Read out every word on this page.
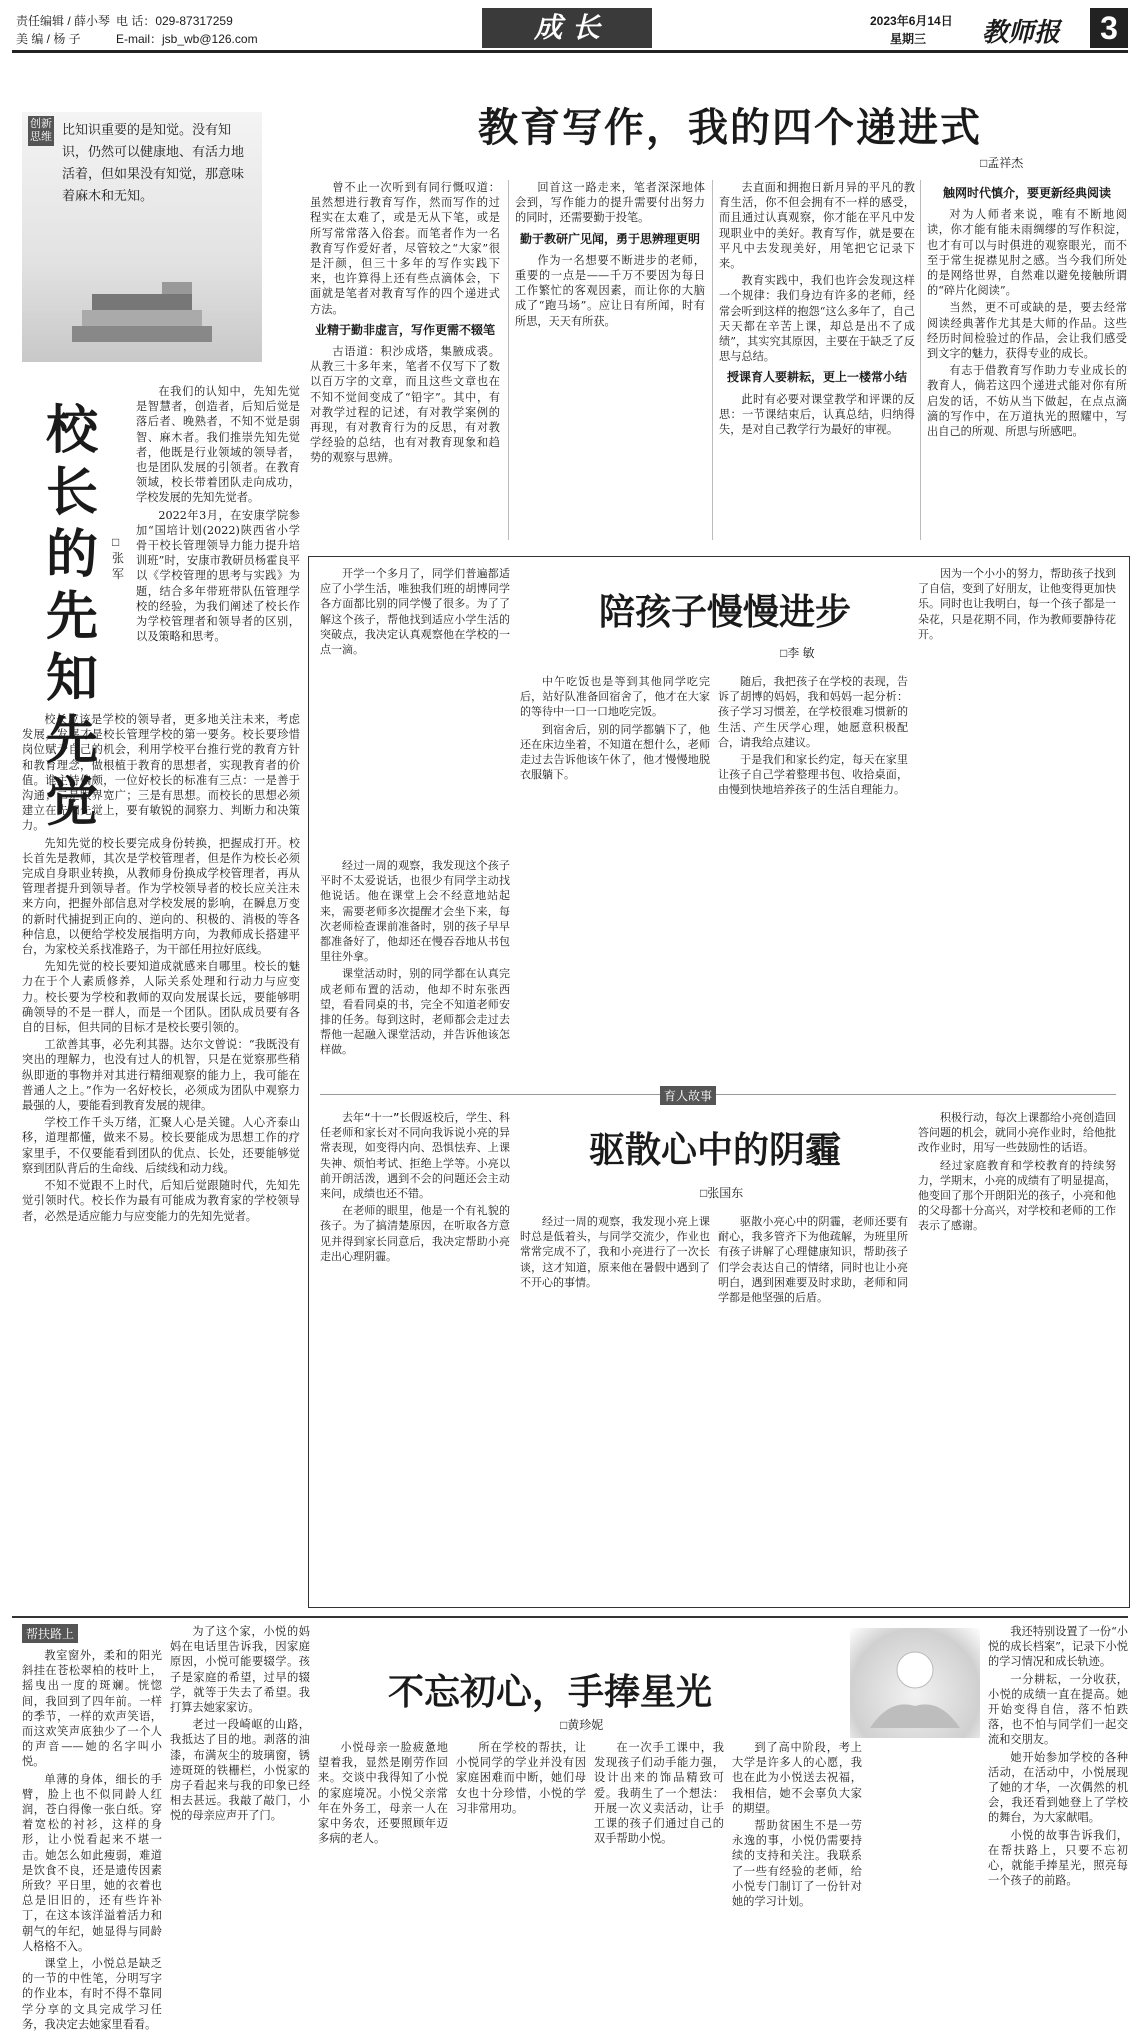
责任编辑 / 薛小琴 电 话：029-87317259
美 编 / 杨 子	E-mail：jsb_wb@126.com	成 长	2023年6月14日
星期三 教师报	3
创新思维 比知识重要的是知觉。没有知识，仍然可以健康地、有活力地活着，但如果没有知觉，那意味着麻木和无知。
教育写作，我的四个递进式
□孟祥杰

曾不止一次听到有同行慨叹道：虽然想进行教育写作，然而写作的过程实在太难了，或是无从下笔，或是所写常常落入俗套。而笔者作为一名教育写作爱好者，尽管较之“大家”很是汗颜，但三十多年的写作实践下来，也许算得上还有些点滴体会，下面就是笔者对教育写作的四个递进式方法。

业精于勤非虚言，写作更需不辍笔

古语道：积沙成塔，集腋成裘。从教三十多年来，笔者不仅写下了数以百万字的文章，而且这些文章也在不知不觉间变成了“铅字”。其中，有对教学过程的记述，有对教学案例的再现，有对教育行为的反思，有对教学经验的总结，也有对教育现象和趋势的观察与思辨。

回首这一路走来，笔者深深地体会到，写作能力的提升需要付出努力的同时，还需要勤于投笔。

勤于教研广见闻，勇于思辨理更明

作为一名想要不断进步的老师，重要的一点是——千万不要因为每日工作繁忙的客观因素，而让你的大脑成了“跑马场”。应让日有所闻，时有所思，天天有所获。

去直面和拥抱日新月异的平凡的教育生活，你不但会拥有不一样的感受，而且通过认真观察，你才能在平凡中发现职业中的美好。教育写作，就是要在平凡中去发现美好，用笔把它记录下来。

教育实践中，我们也许会发现这样一个规律：我们身边有许多的老师，经常会听到这样的抱怨“这么多年了，自己天天都在辛苦上课，却总是出不了成绩”，其实究其原因，主要在于缺乏了反思与总结。

授课育人要耕耘，更上一楼常小结

此时有必要对课堂教学和评课的反思：一节课结束后，认真总结，归纳得失，是对自己教学行为最好的审视。

触网时代慎介，要更新经典阅读

对为人师者来说，唯有不断地阅读，你才能有能未雨绸缪的写作积淀，也才有可以与时俱进的观察眼光，而不至于常生捉襟见肘之感。当今我们所处的是网络世界，自然难以避免接触所谓的“碎片化阅读”。

当然，更不可或缺的是，要去经常阅读经典著作尤其是大师的作品。这些经历时间检验过的作品，会让我们感受到文字的魅力，获得专业的成长。

有志于借教育写作助力专业成长的教育人，倘若这四个递进式能对你有所启发的话，不妨从当下做起，在点点滴滴的写作中，在万道执光的照耀中，写出自己的所观、所思与所感吧。

校长的先知先觉
□张 军

在我们的认知中，先知先觉是智慧者，创造者，后知后觉是落后者、晚熟者，不知不觉是弱智、麻木者。我们推崇先知先觉者，他既是行业领域的领导者，也是团队发展的引领者。在教育领域，校长带着团队走向成功，学校发展的先知先觉者。

2022年3月，在安康学院参加“国培计划(2022)陕西省小学骨干校长管理领导力能力提升培训班”时，安康市教研员杨霍良平以《学校管理的思考与实践》为题，结合多年带班带队伍管理学校的经验，为我们阐述了校长作为学校管理者和领导者的区别，以及策略和思考。

校长应该是学校的领导者，更多地关注未来，考虑发展，发展才是校长管理学校的第一要务。校长要珍惜岗位赋予自己的机会，利用学校平台推行党的教育方针和教育理念，做根植于教育的思想者，实现教育者的价值。谁主持偏颇，一位好校长的标准有三点：一是善于沟通；二是眼界宽广；三是有思想。而校长的思想必须建立在先知先觉上，要有敏锐的洞察力、判断力和决策力。

先知先觉的校长要完成身份转换，把握成打开。校长首先是教师，其次是学校管理者，但是作为校长必须完成自身职业转换，从教师身份换成学校管理者，再从管理者提升到领导者。作为学校领导者的校长应关注未来方向，把握外部信息对学校发展的影响，在瞬息万变的新时代捕捉到正向的、逆向的、积极的、消极的等各种信息，以便给学校发展指明方向，为教师成长搭建平台，为家校关系找准路子，为干部任用拉好底线。

先知先觉的校长要知道成就感来自哪里。校长的魅力在于个人素质修养，人际关系处理和行动力与应变力。校长要为学校和教师的双向发展谋长远，要能够明确领导的不是一群人，而是一个团队。团队成员要有各自的目标，但共同的目标才是校长要引领的。

工欲善其事，必先利其器。达尔文曾说：“我既没有突出的理解力，也没有过人的机智，只是在觉察那些稍纵即逝的事物并对其进行精细观察的能力上，我可能在普通人之上。”作为一名好校长，必须成为团队中观察力最强的人，要能看到教育发展的规律。

学校工作千头万绪，汇聚人心是关键。人心齐泰山移，道理都懂，做来不易。校长要能成为思想工作的疗家里手，不仅要能看到团队的优点、长处，还要能够觉察到团队背后的生命线、后续线和动力线。

不知不觉跟不上时代，后知后觉跟随时代，先知先觉引领时代。校长作为最有可能成为教育家的学校领导者，必然是适应能力与应变能力的先知先觉者。

开学一个多月了，同学们普遍都适应了小学生活，唯独我们班的胡博同学各方面都比别的同学慢了很多。为了了解这个孩子，帮他找到适应小学生活的突破点，我决定认真观察他在学校的一点一滴。

陪孩子慢慢进步
□李 敏

经过一周的观察，我发现这个孩子平时不太爱说话，也很少有同学主动找他说话。他在课堂上会不经意地站起来，需要老师多次提醒才会坐下来，每次老师检查课前准备时，别的孩子早早都准备好了，他却还在慢吞吞地从书包里往外拿。

课堂活动时，别的同学都在认真完成老师布置的活动，他却不时东张西望，看看同桌的书，完全不知道老师安排的任务。每到这时，老师都会走过去帮他一起融入课堂活动，并告诉他该怎样做。

中午吃饭也是等到其他同学吃完后，站好队准备回宿舍了，他才在大家的等待中一口一口地吃完饭。

到宿舍后，别的同学都躺下了，他还在床边坐着，不知道在想什么，老师走过去告诉他该午休了，他才慢慢地脱衣服躺下。

随后，我把孩子在学校的表现，告诉了胡博的妈妈，我和妈妈一起分析：孩子学习习惯差，在学校很难习惯新的生活、产生厌学心理，她愿意积极配合，请我给点建议。

于是我们和家长约定，每天在家里让孩子自己学着整理书包、收拾桌面，由慢到快地培养孩子的生活自理能力。

因为一个小小的努力，帮助孩子找到了自信，变到了好朋友，让他变得更加快乐。同时也让我明白，每一个孩子都是一朵花，只是花期不同，作为教师要静待花开。

育人故事

去年“十一”长假返校后，学生、科任老师和家长对不同向我诉说小亮的异常表现，如变得内向、恐惧怯弃、上课失神、烦怕考试、拒绝上学等。小亮以前开朗活泼，遇到不会的问题还会主动来问，成绩也还不错。

在老师的眼里，他是一个有礼貌的孩子。为了搞清楚原因，在听取各方意见并得到家长同意后，我决定帮助小亮走出心理阴霾。

驱散心中的阴霾
□张国东

经过一周的观察，我发现小亮上课时总是低着头，与同学交流少，作业也常常完成不了，我和小亮进行了一次长谈，这才知道，原来他在暑假中遇到了不开心的事情。

驱散小亮心中的阴霾，老师还要有耐心，我多管齐下为他疏解，为班里所有孩子讲解了心理健康知识，帮助孩子们学会表达自己的情绪，同时也让小亮明白，遇到困难要及时求助，老师和同学都是他坚强的后盾。

积极行动，每次上课都给小亮创造回答问题的机会，就同小亮作业时，给他批改作业时，用写一些鼓励性的话语。

经过家庭教育和学校教育的持续努力，学期末，小亮的成绩有了明显提高，他变回了那个开朗阳光的孩子，小亮和他的父母都十分高兴，对学校和老师的工作表示了感谢。

帮扶路上
不忘初心，手捧星光
□黄珍妮

教室窗外，柔和的阳光斜挂在苍松翠柏的枝叶上，摇曳出一度的斑斓。恍惚间，我回到了四年前。一样的季节，一样的欢声笑语，而这欢笑声底独少了一个人的声音——她的名字叫小悦。

单薄的身体，细长的手臂，脸上也不似同龄人红润，苍白得像一张白纸。穿着宽松的衬衫，这样的身形，让小悦看起来不堪一击。她怎么如此瘦弱，难道是饮食不良，还是遗传因素所致？平日里，她的衣着也总是旧旧的，还有些许补丁，在这本该洋溢着活力和朝气的年纪，她显得与同龄人格格不入。

课堂上，小悦总是缺乏的一节的中性笔，分明写字的作业本，有时不得不靠同学分享的文具完成学习任务，我决定去她家里看看。

为了这个家，小悦的妈妈在电话里告诉我，因家庭原因，小悦可能要辍学。孩子是家庭的希望，过早的辍学，就等于失去了希望。我打算去她家家访。

老过一段崎岖的山路，我抵达了目的地。剥落的油漆，布满灰尘的玻璃窗，锈迹斑斑的铁栅栏，小悦家的房子看起来与我的印象已经相去甚远。我敲了敲门，小悦的母亲应声开了门。

小悦母亲一脸疲惫地望着我，显然是刚劳作回来。交谈中我得知了小悦的家庭境况。小悦父亲常年在外务工，母亲一人在家中务农，还要照顾年迈多病的老人。

所在学校的帮扶，让小悦同学的学业并没有因家庭困难而中断，她们母女也十分珍惜，小悦的学习非常用功。

在一次手工课中，我发现孩子们动手能力强，设计出来的饰品精致可爱。我萌生了一个想法：开展一次义卖活动，让手工课的孩子们通过自己的双手帮助小悦。

到了高中阶段，考上大学是许多人的心愿，我也在此为小悦送去祝福，我相信，她不会辜负大家的期望。

帮助贫困生不是一劳永逸的事，小悦仍需要持续的支持和关注。我联系了一些有经验的老师，给小悦专门制订了一份针对她的学习计划。

我还特别设置了一份“小悦的成长档案”，记录下小悦的学习情况和成长轨迹。

一分耕耘，一分收获，小悦的成绩一直在提高。她开始变得自信，落不怕跌落，也不怕与同学们一起交流和交朋友。

她开始参加学校的各种活动，在活动中，小悦展现了她的才华，一次偶然的机会，我还看到她登上了学校的舞台，为大家献唱。

小悦的故事告诉我们，在帮扶路上，只要不忘初心，就能手捧星光，照亮每一个孩子的前路。
